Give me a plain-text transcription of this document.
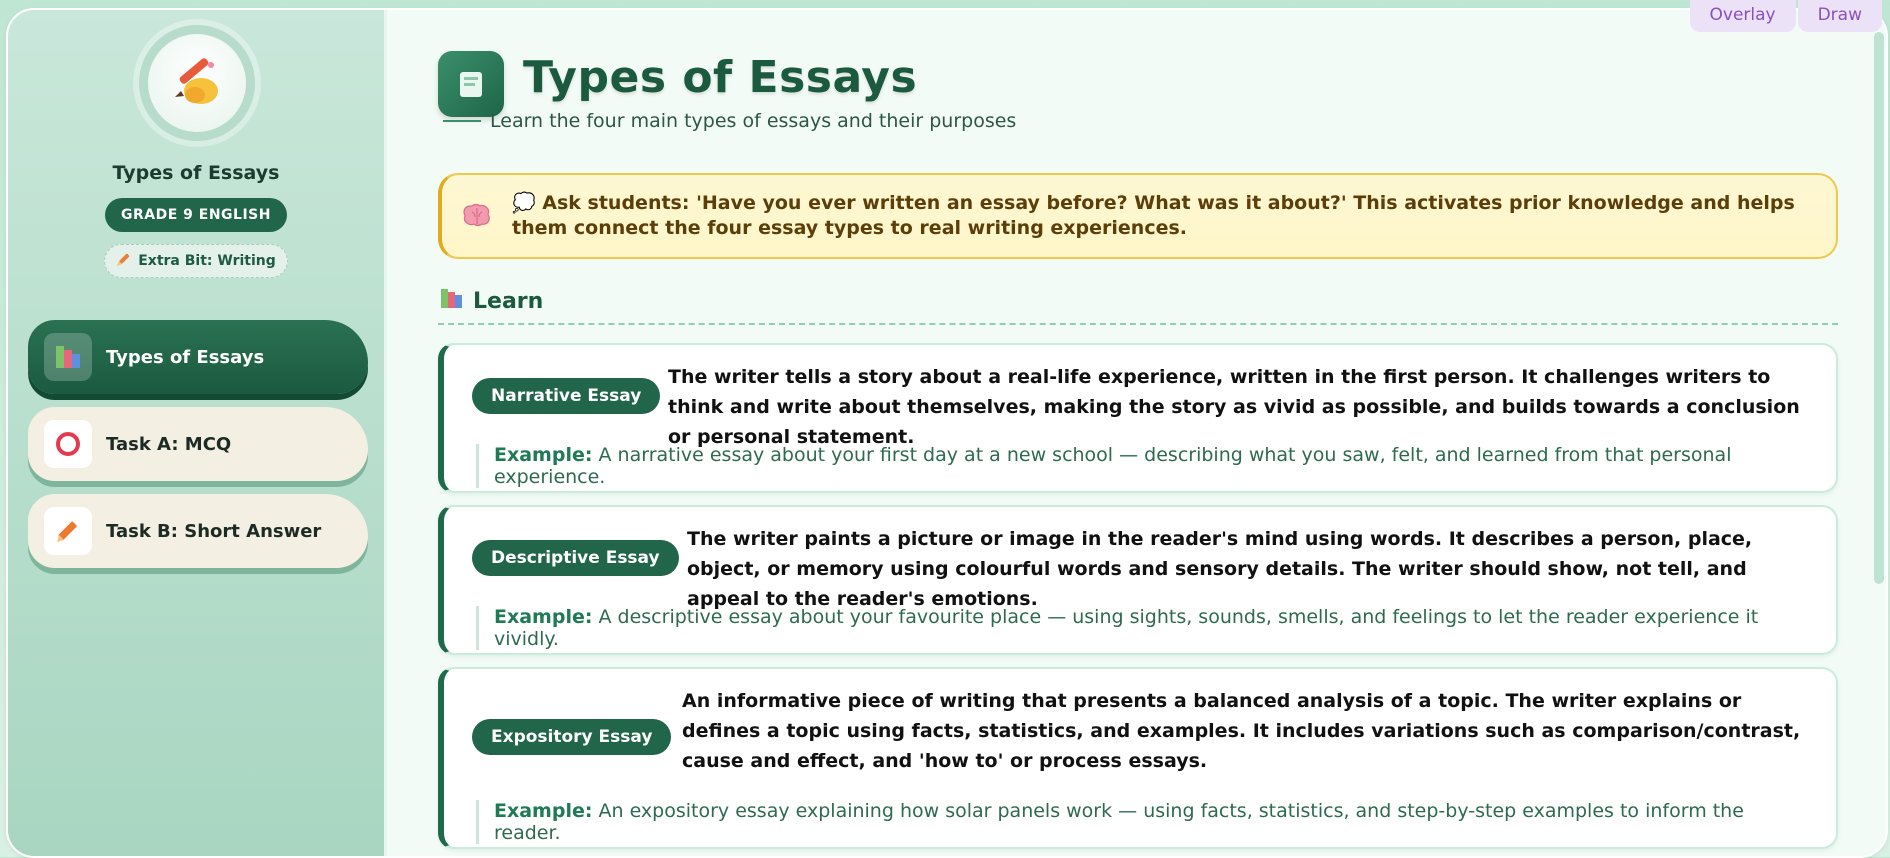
Overlay	Draw
Types of Essays
GRADE 9 ENGLISH
Extra Bit: Writing
Types of Essays
Task A: MCQ
Task B: Short Answer
Types of Essays
Learn the four main types of essays and their purposes
💭 Ask students: 'Have you ever written an essay before? What was it about?' This activates prior knowledge and helps them connect the four essay types to real writing experiences.
Learn
Narrative Essay
The writer tells a story about a real-life experience, written in the first person. It challenges writers to think and write about themselves, making the story as vivid as possible, and builds towards a conclusion or personal statement.
Example: A narrative essay about your first day at a new school — describing what you saw, felt, and learned from that personal experience.
Descriptive Essay
The writer paints a picture or image in the reader's mind using words. It describes a person, place, object, or memory using colourful words and sensory details. The writer should show, not tell, and appeal to the reader's emotions.
Example: A descriptive essay about your favourite place — using sights, sounds, smells, and feelings to let the reader experience it vividly.
Expository Essay
An informative piece of writing that presents a balanced analysis of a topic. The writer explains or defines a topic using facts, statistics, and examples. It includes variations such as comparison/contrast, cause and effect, and 'how to' or process essays.
Example: An expository essay explaining how solar panels work — using facts, statistics, and step-by-step examples to inform the reader.
